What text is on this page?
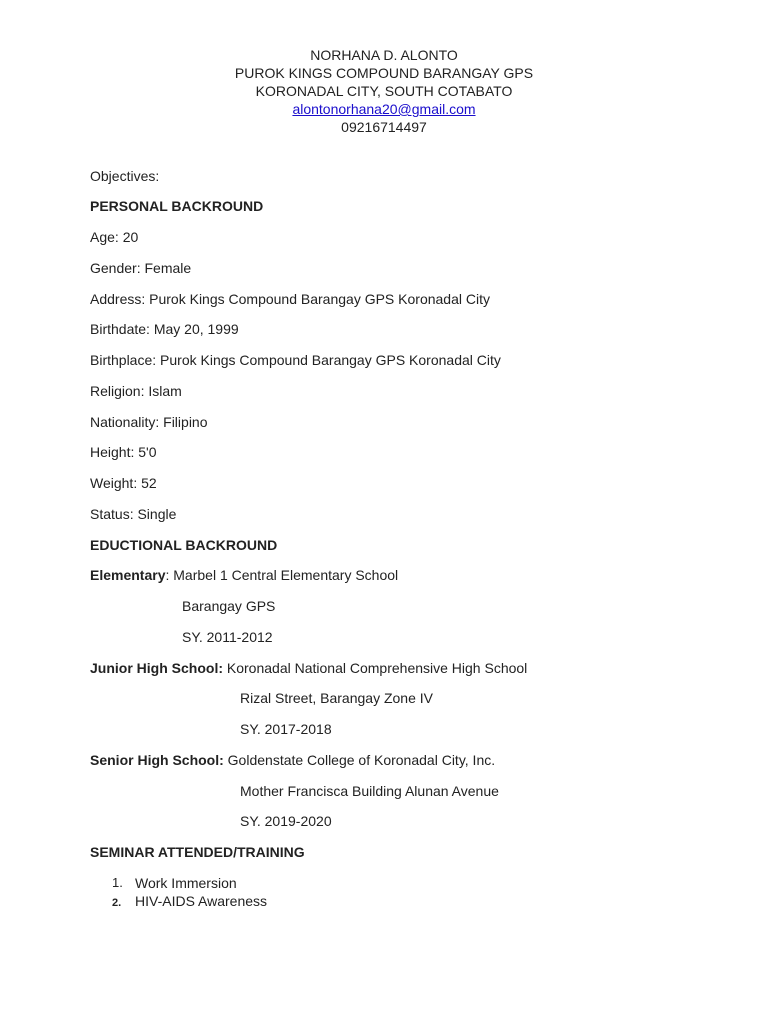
NORHANA D. ALONTO
PUROK KINGS COMPOUND BARANGAY GPS
KORONADAL CITY, SOUTH COTABATO
alontonorhana20@gmail.com
09216714497
Objectives:
PERSONAL BACKROUND
Age: 20
Gender: Female
Address: Purok Kings Compound Barangay GPS Koronadal City
Birthdate: May 20, 1999
Birthplace: Purok Kings Compound Barangay GPS Koronadal City
Religion: Islam
Nationality: Filipino
Height: 5'0
Weight: 52
Status: Single
EDUCTIONAL BACKROUND
Elementary: Marbel 1 Central Elementary School
Barangay GPS
SY. 2011-2012
Junior High School: Koronadal National Comprehensive High School
Rizal Street, Barangay Zone IV
SY. 2017-2018
Senior High School: Goldenstate College of Koronadal City, Inc.
Mother Francisca Building Alunan Avenue
SY. 2019-2020
SEMINAR ATTENDED/TRAINING
1. Work Immersion
2. HIV-AIDS Awareness
